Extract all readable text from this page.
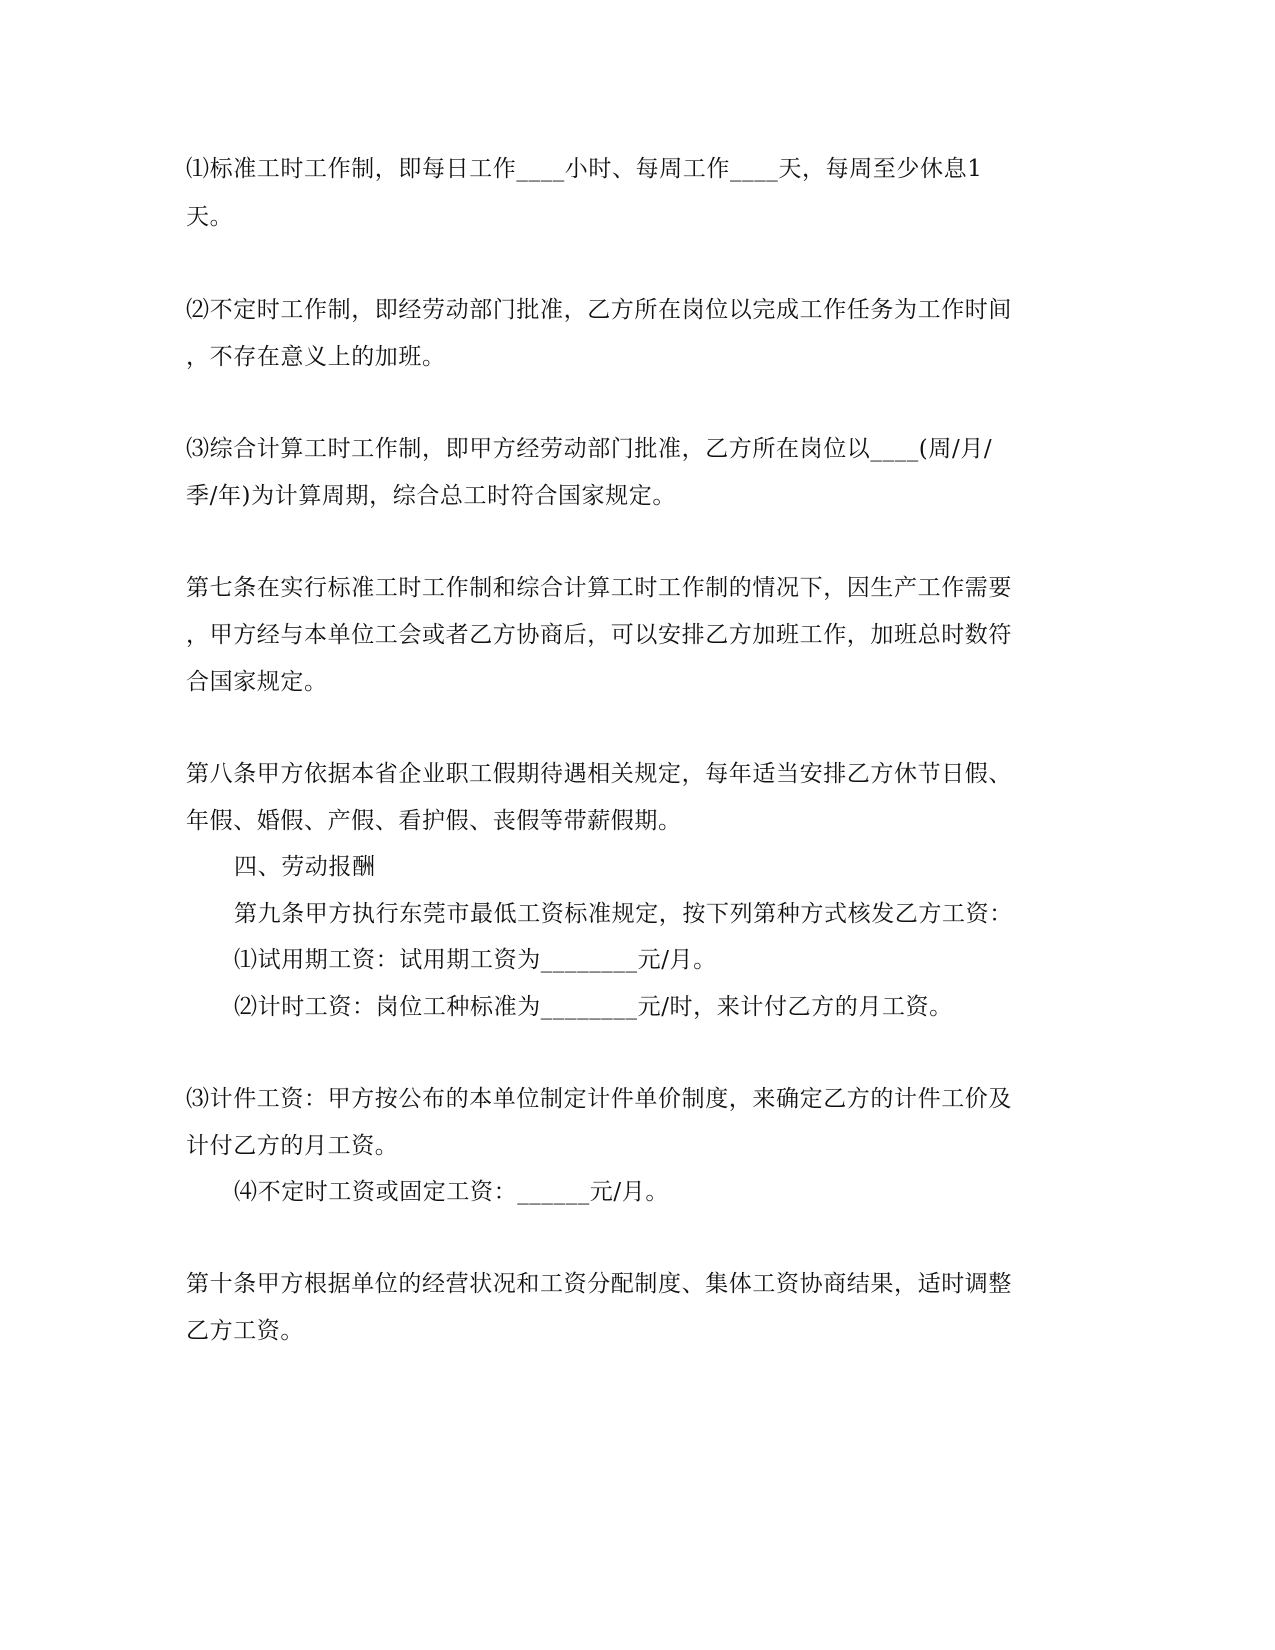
⑴标准工时工作制，即每日工作____小时、每周工作____天，每周至少休息1
天。
⑵不定时工作制，即经劳动部门批准，乙方所在岗位以完成工作任务为工作时间
，不存在意义上的加班。
⑶综合计算工时工作制，即甲方经劳动部门批准，乙方所在岗位以____(周/月/
季/年)为计算周期，综合总工时符合国家规定。
第七条在实行标准工时工作制和综合计算工时工作制的情况下，因生产工作需要
，甲方经与本单位工会或者乙方协商后，可以安排乙方加班工作，加班总时数符
合国家规定。
第八条甲方依据本省企业职工假期待遇相关规定，每年适当安排乙方休节日假、
年假、婚假、产假、看护假、丧假等带薪假期。
四、劳动报酬
第九条甲方执行东莞市最低工资标准规定，按下列第种方式核发乙方工资：
⑴试用期工资：试用期工资为________元/月。
⑵计时工资：岗位工种标准为________元/时，来计付乙方的月工资。
⑶计件工资：甲方按公布的本单位制定计件单价制度，来确定乙方的计件工价及
计付乙方的月工资。
⑷不定时工资或固定工资：______元/月。
第十条甲方根据单位的经营状况和工资分配制度、集体工资协商结果，适时调整
乙方工资。
